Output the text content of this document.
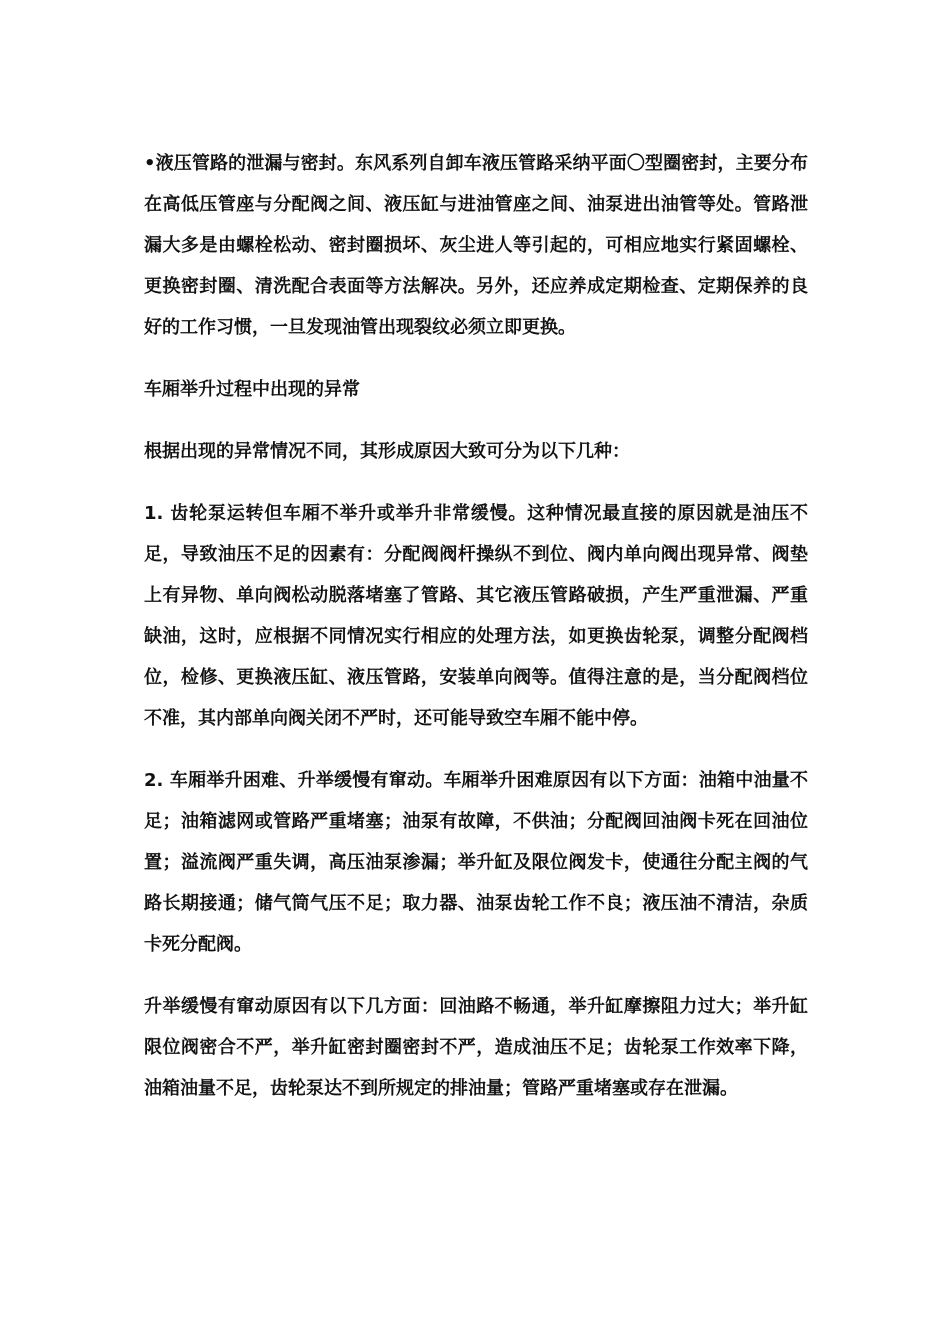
•液压管路的泄漏与密封。东风系列自卸车液压管路采纳平面〇型圈密封，主要分布在高低压管座与分配阀之间、液压缸与进油管座之间、油泵进出油管等处。管路泄漏大多是由螺栓松动、密封圈损坏、灰尘进人等引起的，可相应地实行紧固螺栓、更换密封圈、清洗配合表面等方法解决。另外，还应养成定期检查、定期保养的良好的工作习惯，一旦发现油管出现裂纹必须立即更换。

车厢举升过程中出现的异常

根据出现的异常情况不同，其形成原因大致可分为以下几种：

1. 齿轮泵运转但车厢不举升或举升非常缓慢。这种情况最直接的原因就是油压不足，导致油压不足的因素有：分配阀阀杆操纵不到位、阀内单向阀出现异常、阀垫上有异物、单向阀松动脱落堵塞了管路、其它液压管路破损，产生严重泄漏、严重缺油，这时，应根据不同情况实行相应的处理方法，如更换齿轮泵，调整分配阀档位，检修、更换液压缸、液压管路，安装单向阀等。值得注意的是，当分配阀档位不准，其内部单向阀关闭不严时，还可能导致空车厢不能中停。

2. 车厢举升困难、升举缓慢有窜动。车厢举升困难原因有以下方面：油箱中油量不足；油箱滤网或管路严重堵塞；油泵有故障，不供油；分配阀回油阀卡死在回油位置；溢流阀严重失调，高压油泵渗漏；举升缸及限位阀发卡，使通往分配主阀的气路长期接通；储气筒气压不足；取力器、油泵齿轮工作不良；液压油不清洁，杂质卡死分配阀。

升举缓慢有窜动原因有以下几方面：回油路不畅通，举升缸摩擦阻力过大；举升缸限位阀密合不严，举升缸密封圈密封不严，造成油压不足；齿轮泵工作效率下降，油箱油量不足，齿轮泵达不到所规定的排油量；管路严重堵塞或存在泄漏。
